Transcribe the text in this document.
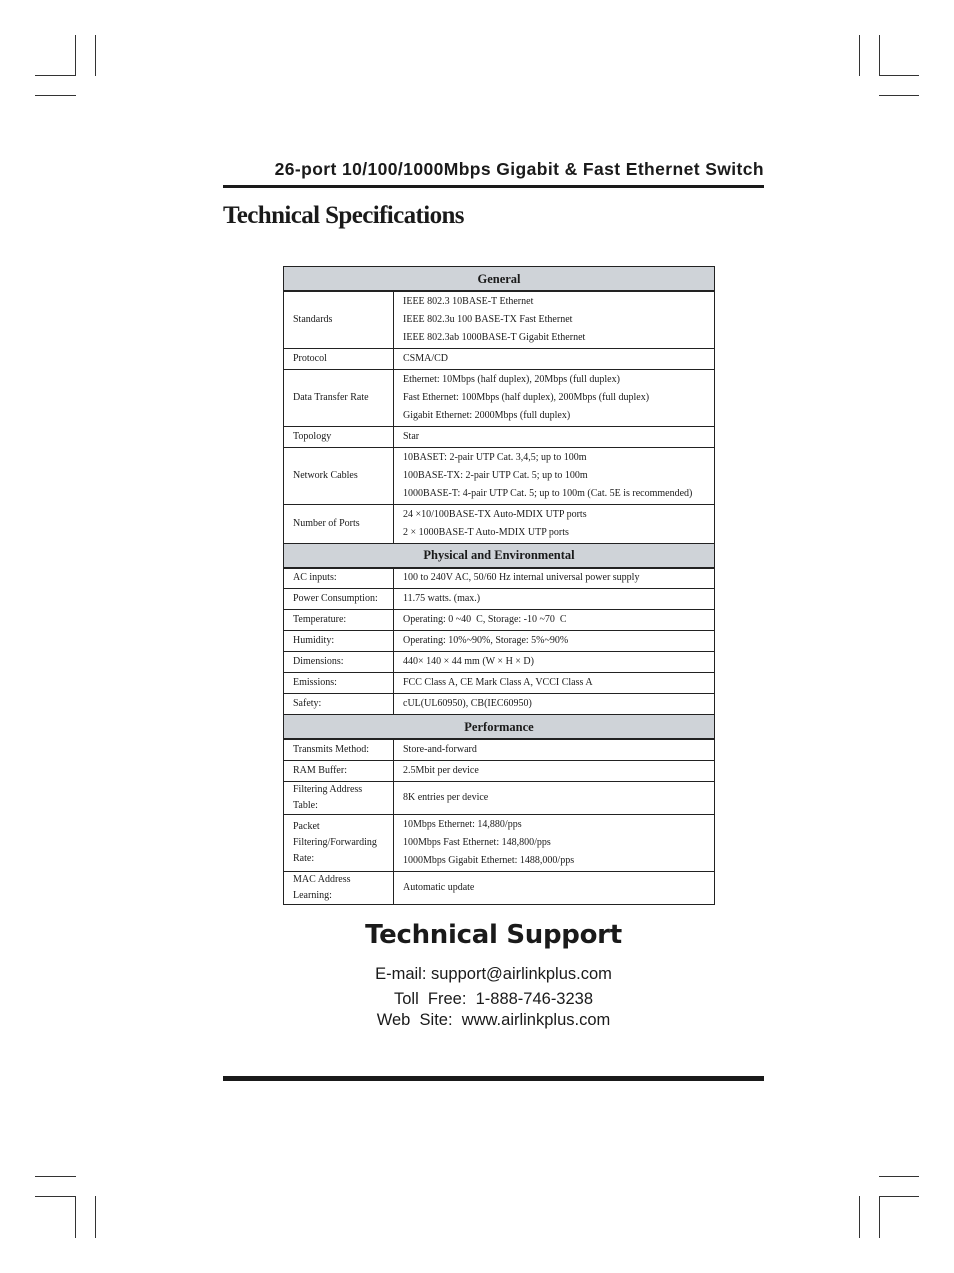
26-port 10/100/1000Mbps Gigabit & Fast Ethernet Switch
Technical Specifications
General	
Standards	IEEE 802.3 10BASE-T Ethernet
IEEE 802.3u 100 BASE-TX Fast Ethernet
IEEE 802.3ab 1000BASE-T Gigabit Ethernet

Protocol	CSMA/CD

Data Transfer Rate	Ethernet: 10Mbps (half duplex), 20Mbps (full duplex)
Fast Ethernet: 100Mbps (half duplex), 200Mbps (full duplex)
Gigabit Ethernet: 2000Mbps (full duplex)

Topology	Star

Network Cables	10BASET: 2-pair UTP Cat. 3,4,5; up to 100m
100BASE-TX: 2-pair UTP Cat. 5; up to 100m
1000BASE-T: 4-pair UTP Cat. 5; up to 100m (Cat. 5E is recommended)

Number of Ports	24 ×10/100BASE-TX Auto-MDIX UTP ports
2 × 1000BASE-T Auto-MDIX UTP ports

Physical and Environmental	
AC inputs:	100 to 240V AC, 50/60 Hz internal universal power supply

Power Consumption:	11.75 watts. (max.)

Temperature:	Operating: 0 ~40  C, Storage: -10 ~70  C

Humidity:	Operating: 10%~90%, Storage: 5%~90%

Dimensions:	440× 140 × 44 mm (W × H × D)

Emissions:	FCC Class A, CE Mark Class A, VCCI Class A

Safety:	cUL(UL60950), CB(IEC60950)

Performance	
Transmits Method:	Store-and-forward

RAM Buffer:	2.5Mbit per device

Filtering Address Table:	8K entries per device

Packet Filtering/Forwarding Rate:	10Mbps Ethernet: 14,880/pps
100Mbps Fast Ethernet: 148,800/pps
1000Mbps Gigabit Ethernet: 1488,000/pps

MAC Address Learning:	Automatic update
Technical Support
E-mail: support@airlinkplus.com
Toll  Free:  1-888-746-3238
Web  Site:  www.airlinkplus.com
